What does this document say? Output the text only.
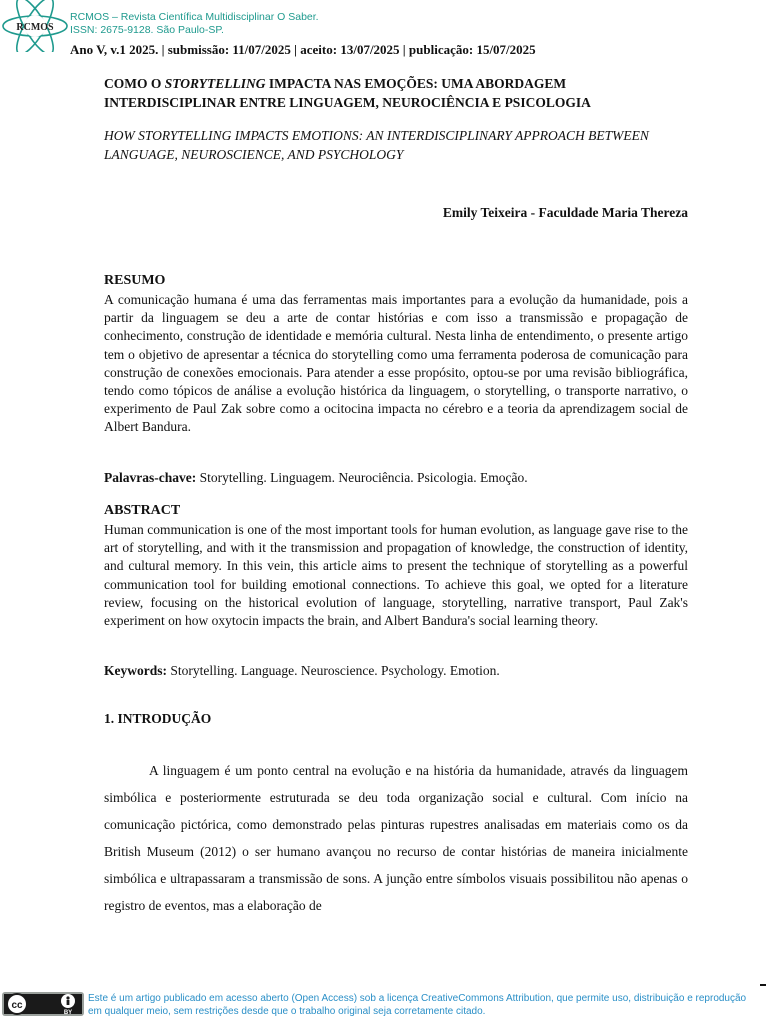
RCMOS
RCMOS – Revista Científica Multidisciplinar O Saber.
ISSN: 2675-9128. São Paulo-SP.
Ano V, v.1 2025. | submissão: 11/07/2025 | aceito: 13/07/2025 | publicação: 15/07/2025
COMO O STORYTELLING IMPACTA NAS EMOÇÕES: UMA ABORDAGEM INTERDISCIPLINAR ENTRE LINGUAGEM, NEUROCIÊNCIA E PSICOLOGIA
HOW STORYTELLING IMPACTS EMOTIONS: AN INTERDISCIPLINARY APPROACH BETWEEN LANGUAGE, NEUROSCIENCE, AND PSYCHOLOGY
Emily Teixeira - Faculdade Maria Thereza
RESUMO
A comunicação humana é uma das ferramentas mais importantes para a evolução da humanidade, pois a partir da linguagem se deu a arte de contar histórias e com isso a transmissão e propagação de conhecimento, construção de identidade e memória cultural. Nesta linha de entendimento, o presente artigo tem o objetivo de apresentar a técnica do storytelling como uma ferramenta poderosa de comunicação para construção de conexões emocionais. Para atender a esse propósito, optou-se por uma revisão bibliográfica, tendo como tópicos de análise a evolução histórica da linguagem, o storytelling, o transporte narrativo, o experimento de Paul Zak sobre como a ocitocina impacta no cérebro e a teoria da aprendizagem social de Albert Bandura.
Palavras-chave: Storytelling. Linguagem. Neurociência. Psicologia. Emoção.
ABSTRACT
Human communication is one of the most important tools for human evolution, as language gave rise to the art of storytelling, and with it the transmission and propagation of knowledge, the construction of identity, and cultural memory. In this vein, this article aims to present the technique of storytelling as a powerful communication tool for building emotional connections. To achieve this goal, we opted for a literature review, focusing on the historical evolution of language, storytelling, narrative transport, Paul Zak's experiment on how oxytocin impacts the brain, and Albert Bandura's social learning theory.
Keywords: Storytelling. Language. Neuroscience. Psychology. Emotion.
1. INTRODUÇÃO
A linguagem é um ponto central na evolução e na história da humanidade, através da linguagem simbólica e posteriormente estruturada se deu toda organização social e cultural. Com início na comunicação pictórica, como demonstrado pelas pinturas rupestres analisadas em materiais como os da British Museum (2012) o ser humano avançou no recurso de contar histórias de maneira inicialmente simbólica e ultrapassaram a transmissão de sons. A junção entre símbolos visuais possibilitou não apenas o registro de eventos, mas a elaboração de
cc
BY
Este é um artigo publicado em acesso aberto (Open Access) sob a licença CreativeCommons Attribution, que permite uso, distribuição e reprodução em qualquer meio, sem restrições desde que o trabalho original seja corretamente citado.
